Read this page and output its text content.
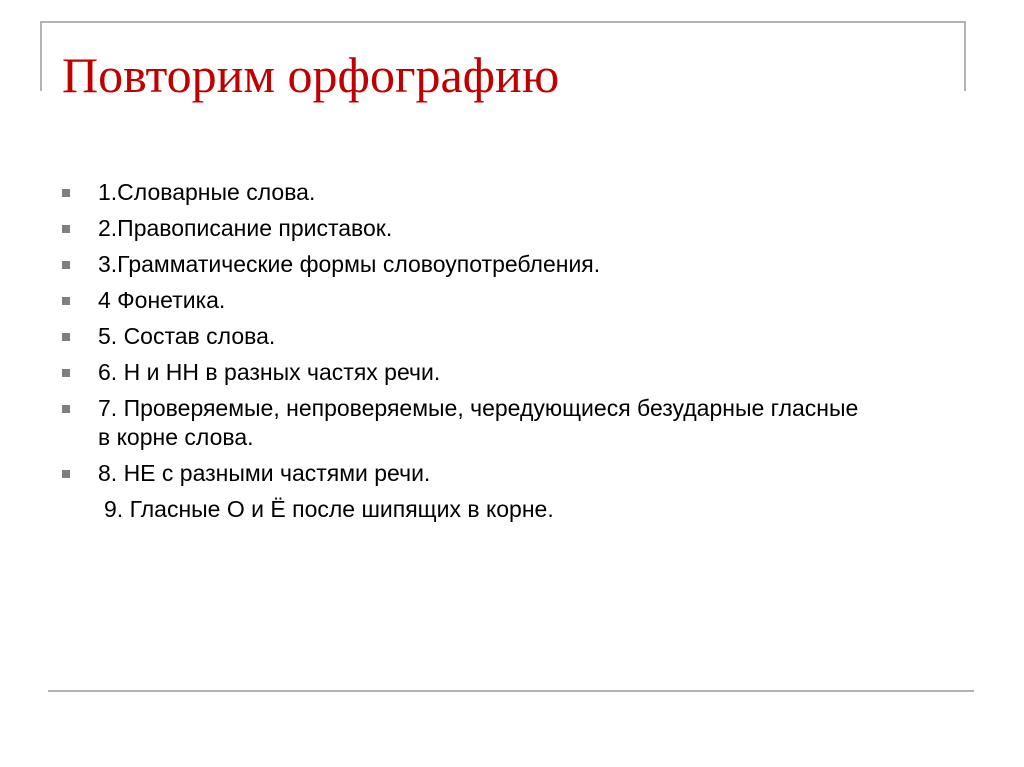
Повторим орфографию
1.Словарные слова.
2.Правописание приставок.
3.Грамматические формы словоупотребления.
4 Фонетика.
5. Состав слова.
6. Н и НН в разных частях речи.
7. Проверяемые, непроверяемые, чередующиеся безударные гласные в корне слова.
8. НЕ с разными частями речи.
9. Гласные О и Ё после шипящих в корне.
